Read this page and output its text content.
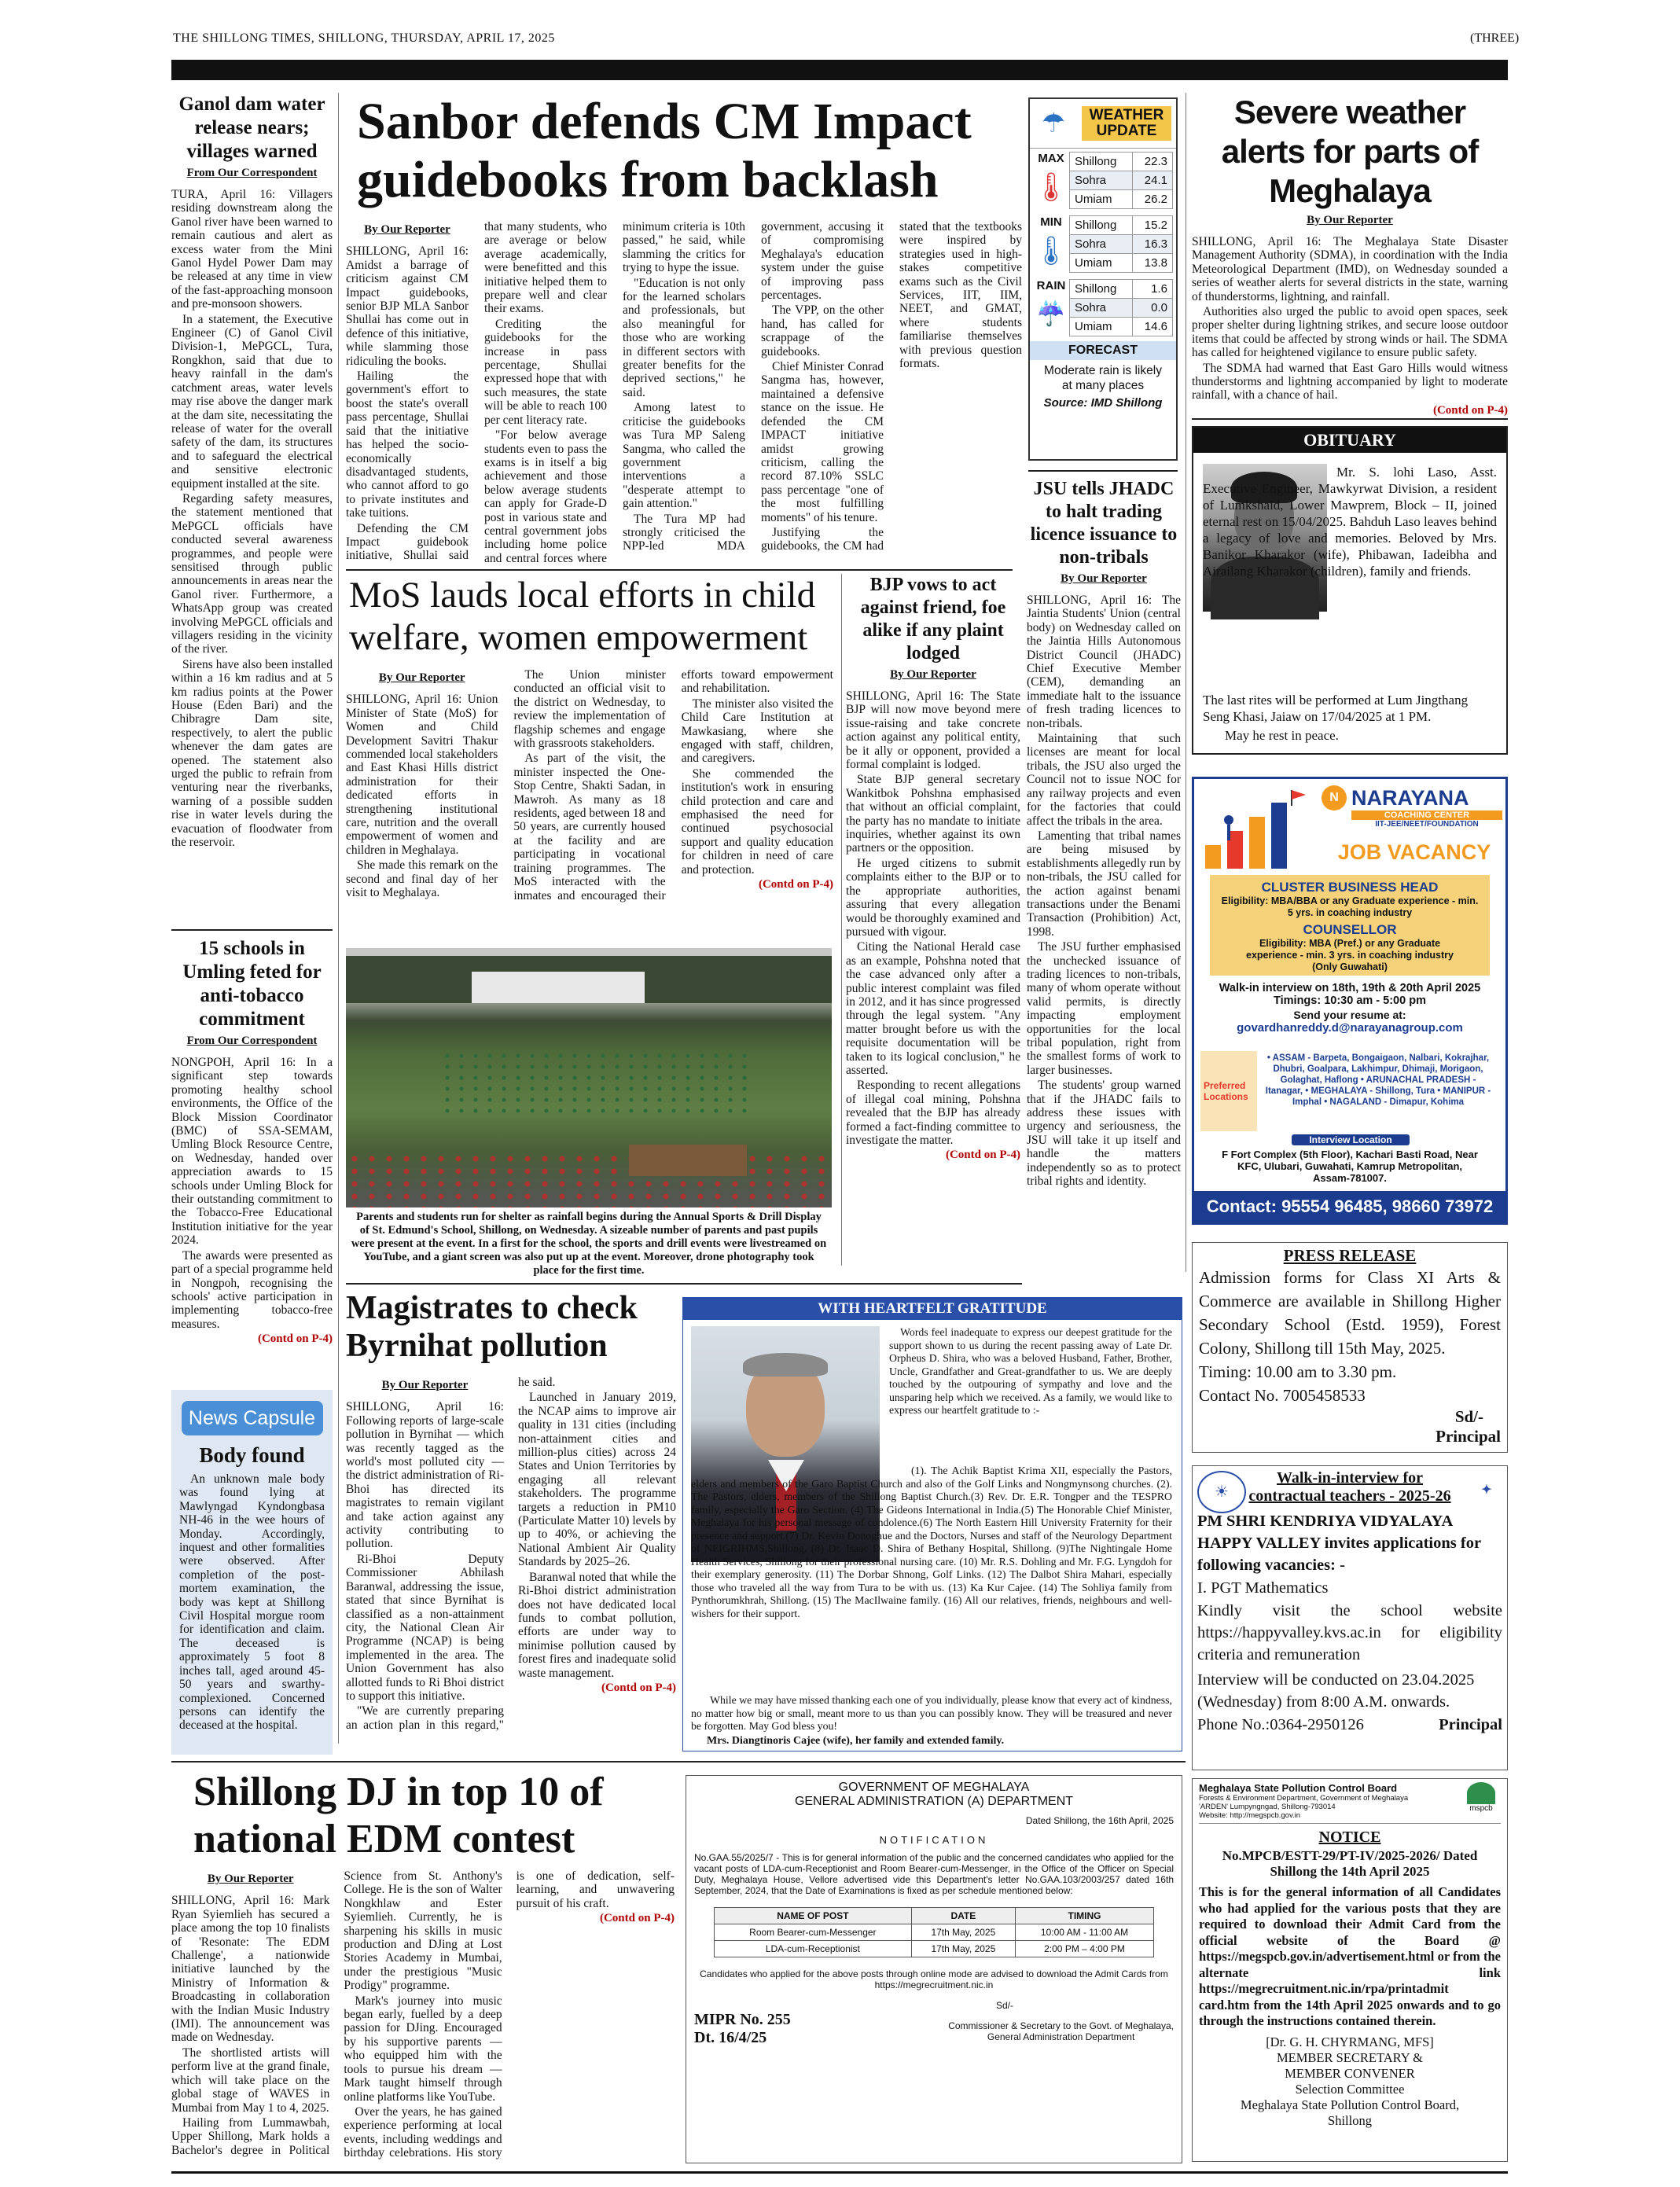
THE SHILLONG TIMES, SHILLONG, THURSDAY, APRIL 17, 2025	(THREE)
Ganol dam water release nears; villages warned
From Our Correspondent

TURA, April 16: Villagers residing downstream along the Ganol river have been warned to remain cautious and alert as excess water from the Mini Ganol Hydel Power Dam may be released at any time in view of the fast-approaching monsoon and pre-monsoon showers.

In a statement, the Executive Engineer (C) of Ganol Civil Division-1, MePGCL, Tura, Rongkhon, said that due to heavy rainfall in the dam's catchment areas, water levels may rise above the danger mark at the dam site, necessitating the release of water for the overall safety of the dam, its structures and to safeguard the electrical and sensitive electronic equipment installed at the site.

Regarding safety measures, the statement mentioned that MePGCL officials have conducted several awareness programmes, and people were sensitised through public announcements in areas near the Ganol river. Furthermore, a WhatsApp group was created involving MePGCL officials and villagers residing in the vicinity of the river.

Sirens have also been installed within a 16 km radius and at 5 km radius points at the Power House (Eden Bari) and the Chibragre Dam site, respectively, to alert the public whenever the dam gates are opened. The statement also urged the public to refrain from venturing near the riverbanks, warning of a possible sudden rise in water levels during the evacuation of floodwater from the reservoir.

15 schools in Umling feted for anti-tobacco commitment
From Our Correspondent

NONGPOH, April 16: In a significant step towards promoting healthy school environments, the Office of the Block Mission Coordinator (BMC) of SSA-SEMAM, Umling Block Resource Centre, on Wednesday, handed over appreciation awards to 15 schools under Umling Block for their outstanding commitment to the Tobacco-Free Educational Institution initiative for the year 2024.

The awards were presented as part of a special programme held in Nongpoh, recognising the schools' active participation in implementing tobacco-free measures.

(Contd on P-4)
News Capsule
Body found
An unknown male body was found lying at Mawlyngad Kyndongbasa NH-46 in the wee hours of Monday. Accordingly, inquest and other formalities were observed. After completion of the post-mortem examination, the body was kept at Shillong Civil Hospital morgue room for identification and claim. The deceased is approximately 5 foot 8 inches tall, aged around 45-50 years and swarthy-complexioned. Concerned persons can identify the deceased at the hospital.
Sanbor defends CM Impact guidebooks from backlash
By Our Reporter

SHILLONG, April 16: Amidst a barrage of criticism against CM Impact guidebooks, senior BJP MLA Sanbor Shullai has come out in defence of this initiative, while slamming those ridiculing the books.

Hailing the government's effort to boost the state's overall pass percentage, Shullai said that the initiative has helped the socio-economically disadvantaged students, who cannot afford to go to private institutes and take tuitions.

Defending the CM Impact guidebook initiative, Shullai said that many students, who are average or below average academically, were benefitted and this initiative helped them to prepare well and clear their exams.

Crediting the guidebooks for the increase in pass percentage, Shullai expressed hope that with such measures, the state will be able to reach 100 per cent literacy rate.

"For below average students even to pass the exams is in itself a big achievement and those below average students can apply for Grade-D post in various state and central government jobs including home police and central forces where minimum criteria is 10th passed," he said, while slamming the critics for trying to hype the issue.

"Education is not only for the learned scholars and professionals, but also meaningful for those who are working in different sectors with greater benefits for the deprived sections," he said.

Among latest to criticise the guidebooks was Tura MP Saleng Sangma, who called the government interventions a "desperate attempt to gain attention."

The Tura MP had strongly criticised the NPP-led MDA government, accusing it of compromising Meghalaya's education system under the guise of improving pass percentages.

The VPP, on the other hand, has called for scrappage of the guidebooks.

Chief Minister Conrad Sangma has, however, maintained a defensive stance on the issue. He defended the CM IMPACT initiative amidst growing criticism, calling the record 87.10% SSLC pass percentage "one of the most fulfilling moments" of his tenure.

Justifying the guidebooks, the CM had stated that the textbooks were inspired by strategies used in high-stakes competitive exams such as the Civil Services, IIT, IIM, NEET, and GMAT, where students familiarise themselves with previous question formats.

☂	WEATHER
UPDATE
MAX
🌡
Shillong	22.3
Sohra	24.1
Umiam	26.2
MIN
🌡
Shillong	15.2
Sohra	16.3
Umiam	13.8
RAIN
☔
Shillong	1.6
Sohra	0.0
Umiam	14.6
FORECAST
Moderate rain is likely at many places
Source: IMD Shillong
JSU tells JHADC to halt trading licence issuance to non-tribals
By Our Reporter

SHILLONG, April 16: The Jaintia Students' Union (central body) on Wednesday called on the Jaintia Hills Autonomous District Council (JHADC) Chief Executive Member (CEM), demanding an immediate halt to the issuance of fresh trading licences to non-tribals.

Maintaining that such licenses are meant for local tribals, the JSU also urged the Council not to issue NOC for any railway projects and even for the factories that could affect the tribals in the area.

Lamenting that tribal names are being misused by establishments allegedly run by non-tribals, the JSU called for the action against benami transactions under the Benami Transaction (Prohibition) Act, 1998.

The JSU further emphasised the unchecked issuance of trading licences to non-tribals, many of whom operate without valid permits, is directly impacting employment opportunities for the local tribal population, right from the smallest forms of work to larger businesses.

The students' group warned that if the JHADC fails to address these issues with urgency and seriousness, the JSU will take it up itself and handle the matters independently so as to protect tribal rights and identity.

Severe weather alerts for parts of Meghalaya
By Our Reporter

SHILLONG, April 16: The Meghalaya State Disaster Management Authority (SDMA), in coordination with the India Meteorological Department (IMD), on Wednesday sounded a series of weather alerts for several districts in the state, warning of thunderstorms, lightning, and rainfall.

Authorities also urged the public to avoid open spaces, seek proper shelter during lightning strikes, and secure loose outdoor items that could be affected by strong winds or hail. The SDMA has called for heightened vigilance to ensure public safety.

The SDMA had warned that East Garo Hills would witness thunderstorms and lightning accompanied by light to moderate rainfall, with a chance of hail.

(Contd on P-4)
OBITUARY
Mr. S. lohi Laso, Asst. Executive Engineer, Mawkyrwat Division, a resident of Lumkshaid, Lower Mawprem, Block – II, joined eternal rest on 15/04/2025. Bahduh Laso leaves behind a legacy of love and memories. Beloved by Mrs. Banikor Kharakor (wife), Phibawan, Iadeibha and Airailang Kharakor (children), family and friends.
The last rites will be performed at Lum Jingthang Seng Khasi, Jaiaw on 17/04/2025 at 1 PM.
May he rest in peace.
N NARAYANA
COACHING CENTER
IIT-JEE/NEET/FOUNDATION
JOB VACANCY
CLUSTER BUSINESS HEAD
Eligibility: MBA/BBA or any Graduate experience - min. 5 yrs. in coaching industry
COUNSELLOR
Eligibility: MBA (Pref.) or any Graduate experience - min. 3 yrs. in coaching industry (Only Guwahati)
Walk-in interview on 18th, 19th & 20th April 2025
Timings: 10:30 am - 5:00 pm
Send your resume at:
govardhanreddy.d@narayanagroup.com
Preferred Locations
• ASSAM - Barpeta, Bongaigaon, Nalbari, Kokrajhar, Dhubri, Goalpara, Lakhimpur, Dhimaji, Morigaon, Golaghat, Haflong • ARUNACHAL PRADESH - Itanagar, • MEGHALAYA - Shillong, Tura • MANIPUR - Imphal • NAGALAND - Dimapur, Kohima
Interview Location
F Fort Complex (5th Floor), Kachari Basti Road, Near KFC, Ulubari, Guwahati, Kamrup Metropolitan, Assam-781007.
Contact: 95554 96485, 98660 73972
MoS lauds local efforts in child welfare, women empowerment
By Our Reporter

SHILLONG, April 16: Union Minister of State (MoS) for Women and Child Development Savitri Thakur commended local stakeholders and East Khasi Hills district administration for their dedicated efforts in strengthening institutional care, nutrition and the overall empowerment of women and children in Meghalaya.

She made this remark on the second and final day of her visit to Meghalaya.

The Union minister conducted an official visit to the district on Wednesday, to review the implementation of flagship schemes and engage with grassroots stakeholders.

As part of the visit, the minister inspected the One-Stop Centre, Shakti Sadan, in Mawroh. As many as 18 residents, aged between 18 and 50 years, are currently housed at the facility and are participating in vocational training programmes. The MoS interacted with the inmates and encouraged their efforts toward empowerment and rehabilitation.

The minister also visited the Child Care Institution at Mawkasiang, where she engaged with staff, children, and caregivers.

She commended the institution's work in ensuring child protection and care and emphasised the need for continued psychosocial support and quality education for children in need of care and protection.

(Contd on P-4)
BJP vows to act against friend, foe alike if any plaint lodged
By Our Reporter

SHILLONG, April 16: The State BJP will now move beyond mere issue-raising and take concrete action against any political entity, be it ally or opponent, provided a formal complaint is lodged.

State BJP general secretary Wankitbok Pohshna emphasised that without an official complaint, the party has no mandate to initiate inquiries, whether against its own partners or the opposition.

He urged citizens to submit complaints either to the BJP or to the appropriate authorities, assuring that every allegation would be thoroughly examined and pursued with vigour.

Citing the National Herald case as an example, Pohshna noted that the case advanced only after a public interest complaint was filed in 2012, and it has since progressed through the legal system. "Any matter brought before us with the requisite documentation will be taken to its logical conclusion," he asserted.

Responding to recent allegations of illegal coal mining, Pohshna revealed that the BJP has already formed a fact-finding committee to investigate the matter.

(Contd on P-4)
Parents and students run for shelter as rainfall begins during the Annual Sports & Drill Display of St. Edmund's School, Shillong, on Wednesday. A sizeable number of parents and past pupils were present at the event. In a first for the school, the sports and drill events were livestreamed on YouTube, and a giant screen was also put up at the event. Moreover, drone photography took place for the first time.
PRESS RELEASE
Admission forms for Class XI Arts & Commerce are available in Shillong Higher Secondary School (Estd. 1959), Forest Colony, Shillong till 15th May, 2025.
Timing: 10.00 am to 3.30 pm.
Contact No. 7005458533
Sd/-
Principal
☀	✦
Walk-in-interview for
contractual teachers - 2025-26
PM SHRI KENDRIYA VIDYALAYA HAPPY VALLEY invites applications for following vacancies: -
I. PGT Mathematics
Kindly visit the school website https://happyvalley.kvs.ac.in for eligibility criteria and remuneration
Interview will be conducted on 23.04.2025 (Wednesday) from 8:00 A.M. onwards.
Phone No.:0364-2950126	Principal
Magistrates to check Byrnihat pollution
By Our Reporter

SHILLONG, April 16: Following reports of large-scale pollution in Byrnihat — which was recently tagged as the world's most polluted city — the district administration of Ri-Bhoi has directed its magistrates to remain vigilant and take action against any activity contributing to pollution.

Ri-Bhoi Deputy Commissioner Abhilash Baranwal, addressing the issue, stated that since Byrnihat is classified as a non-attainment city, the National Clean Air Programme (NCAP) is being implemented in the area. The Union Government has also allotted funds to Ri Bhoi district to support this initiative.

"We are currently preparing an action plan in this regard," he said.

Launched in January 2019, the NCAP aims to improve air quality in 131 cities (including non-attainment cities and million-plus cities) across 24 States and Union Territories by engaging all relevant stakeholders. The programme targets a reduction in PM10 (Particulate Matter 10) levels by up to 40%, or achieving the National Ambient Air Quality Standards by 2025–26.

Baranwal noted that while the Ri-Bhoi district administration does not have dedicated local funds to combat pollution, efforts are under way to minimise pollution caused by forest fires and inadequate solid waste management.

(Contd on P-4)
WITH HEARTFELT GRATITUDE
Words feel inadequate to express our deepest gratitude for the support shown to us during the recent passing away of Late Dr. Orpheus D. Shira, who was a beloved Husband, Father, Brother, Uncle, Grandfather and Great-grandfather to us. We are deeply touched by the outpouring of sympathy and love and the unsparing help which we received. As a family, we would like to express our heartfelt gratitude to :-
(1). The Achik Baptist Krima XII, especially the Pastors, elders and members of the Garo Baptist Church and also of the Golf Links and Nongmynsong churches. (2). The Pastors, elders, members of the Shillong Baptist Church.(3) Rev. Dr. E.R. Tongper and the TESPRO family, especially the Garo Section. (4) The Gideons International in India.(5) The Honorable Chief Minister, Meghalaya for his personal message of condolence.(6) The North Eastern Hill University Fraternity for their presence and support.(7) Dr. Kevin Donoghue and the Doctors, Nurses and staff of the Neurology Department of NEIGRIHMS,Shillong. (8) Dr. Isaac D. Shira of Bethany Hospital, Shillong. (9)The Nightingale Home Health Services, Shillong for their professional nursing care. (10) Mr. R.S. Dohling and Mr. F.G. Lyngdoh for their exemplary generosity. (11) The Dorbar Shnong, Golf Links. (12) The Dalbot Shira Mahari, especially those who traveled all the way from Tura to be with us. (13) Ka Kur Cajee. (14) The Sohliya family from Pynthorumkhrah, Shillong. (15) The MacIlwaine family. (16) All our relatives, friends, neighbours and well-wishers for their support.
While we may have missed thanking each one of you individually, please know that every act of kindness, no matter how big or small, meant more to us than you can possibly know. They will be treasured and never be forgotten. May God bless you!
Mrs. Diangtinoris Cajee (wife), her family and extended family.
Shillong DJ in top 10 of national EDM contest
By Our Reporter

SHILLONG, April 16: Mark Ryan Syiemlieh has secured a place among the top 10 finalists of 'Resonate: The EDM Challenge', a nationwide initiative launched by the Ministry of Information & Broadcasting in collaboration with the Indian Music Industry (IMI). The announcement was made on Wednesday.

The shortlisted artists will perform live at the grand finale, which will take place on the global stage of WAVES in Mumbai from May 1 to 4, 2025.

Hailing from Lummawbah, Upper Shillong, Mark holds a Bachelor's degree in Political Science from St. Anthony's College. He is the son of Walter Nongkhlaw and Ester Syiemlieh. Currently, he is sharpening his skills in music production and DJing at Lost Stories Academy in Mumbai, under the prestigious "Music Prodigy" programme.

Mark's journey into music began early, fuelled by a deep passion for DJing. Encouraged by his supportive parents — who equipped him with the tools to pursue his dream — Mark taught himself through online platforms like YouTube.

Over the years, he has gained experience performing at local events, including weddings and birthday celebrations. His story is one of dedication, self-learning, and unwavering pursuit of his craft.

(Contd on P-4)
GOVERNMENT OF MEGHALAYA
GENERAL ADMINISTRATION (A) DEPARTMENT
Dated Shillong, the 16th April, 2025
NOTIFICATION
No.GAA.55/2025/7 - This is for general information of the public and the concerned candidates who applied for the vacant posts of LDA-cum-Receptionist and Room Bearer-cum-Messenger, in the Office of the Officer on Special Duty, Meghalaya House, Vellore advertised vide this Department's letter No.GAA.103/2003/257 dated 16th September, 2024, that the Date of Examinations is fixed as per schedule mentioned below:
NAME OF POST	DATE	TIMING
Room Bearer-cum-Messenger	17th May, 2025	10:00 AM - 11:00 AM
LDA-cum-Receptionist	17th May, 2025	2:00 PM – 4:00 PM
Candidates who applied for the above posts through online mode are advised to download the Admit Cards from https://megrecruitment.nic.in
Sd/-
MIPR No. 255
Dt. 16/4/25
Commissioner & Secretary to the Govt. of Meghalaya,
General Administration Department
Meghalaya State Pollution Control Board
Forests & Environment Department, Government of Meghalaya
'ARDEN' Lumpyngngad, Shillong-793014
Website: http://megspcb.gov.in
mspcb
NOTICE
No.MPCB/ESTT-29/PT-IV/2025-2026/ Dated Shillong the 14th April 2025
This is for the general information of all Candidates who had applied for the various posts that they are required to download their Admit Card from the official website of the Board @ https://megspcb.gov.in/advertisement.html or from the alternate link https://megrecruitment.nic.in/rpa/printadmit card.htm from the 14th April 2025 onwards and to go through the instructions contained therein.
[Dr. G. H. CHYRMANG, MFS]
MEMBER SECRETARY &
MEMBER CONVENER
Selection Committee
Meghalaya State Pollution Control Board,
Shillong
